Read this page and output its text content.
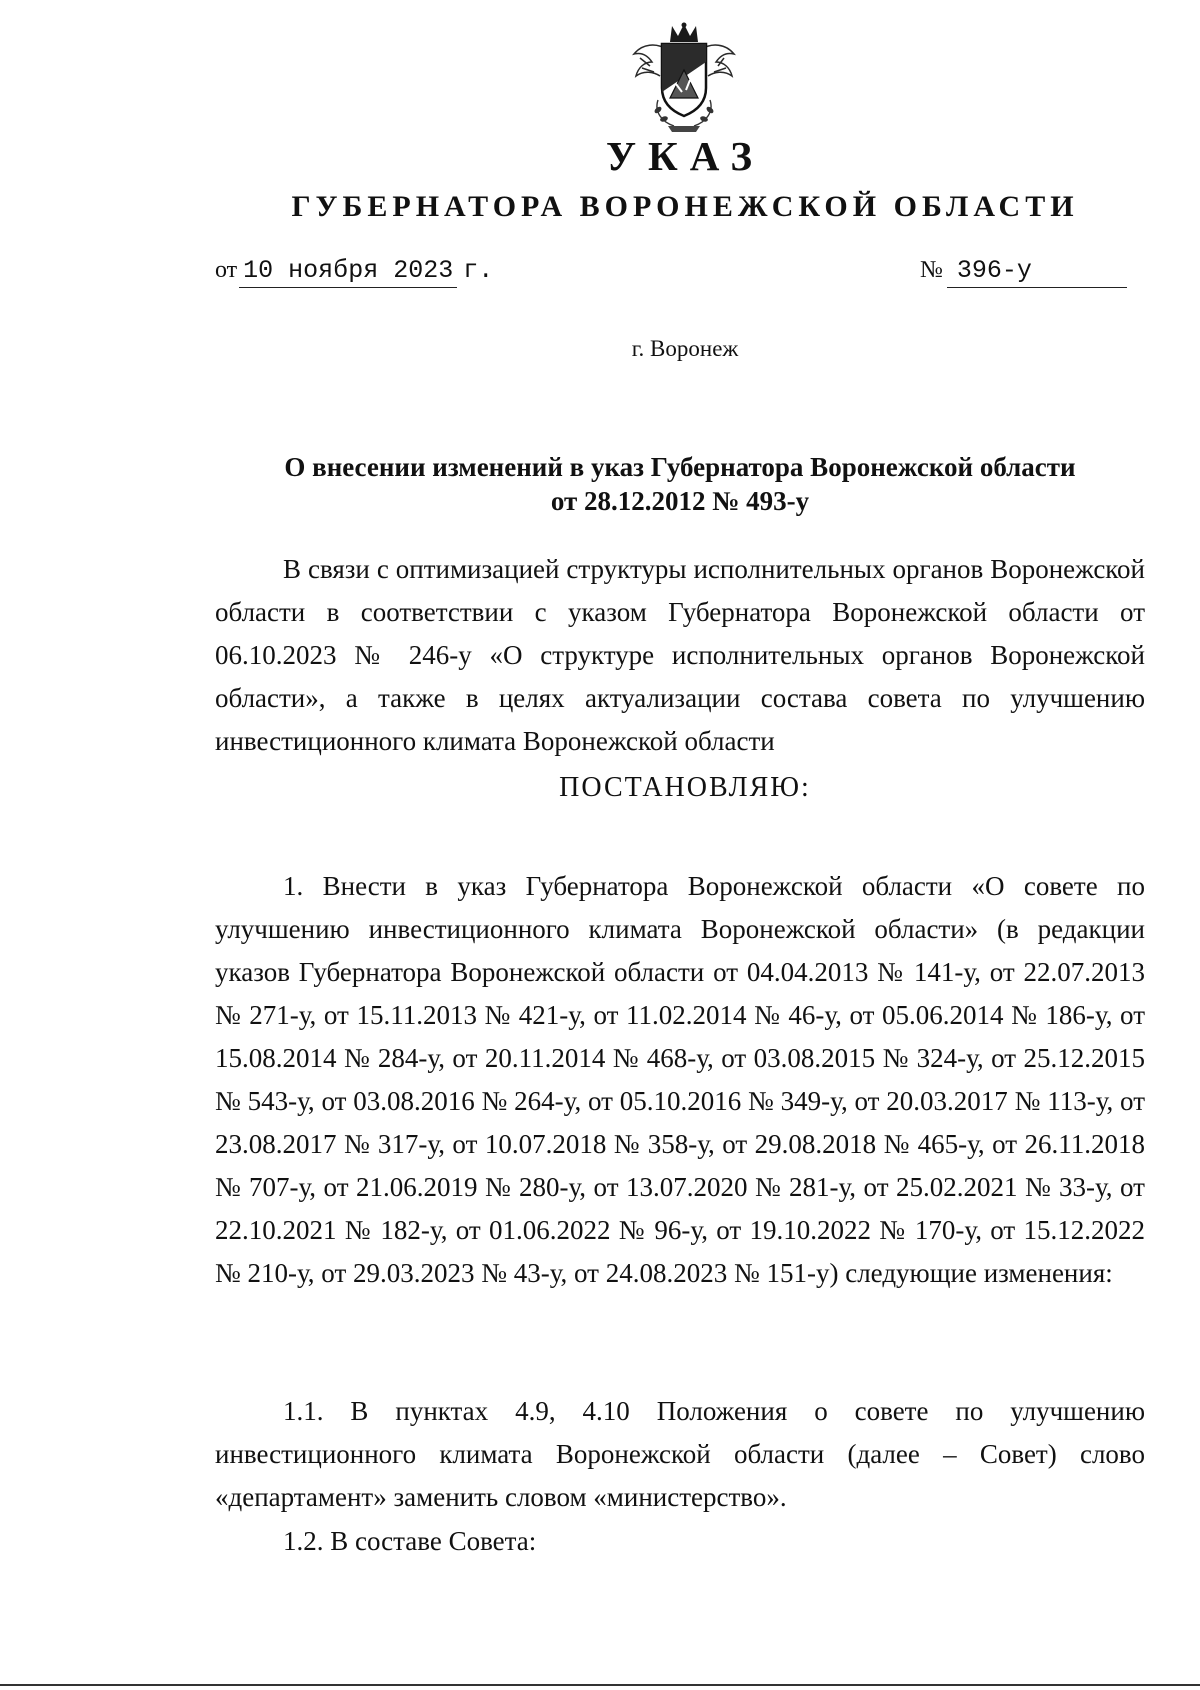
УКАЗ
ГУБЕРНАТОРА ВОРОНЕЖСКОЙ ОБЛАСТИ
от 10 ноября 2023 г.	№ 396-у
г. Воронеж
О внесении изменений в указ Губернатора Воронежской области
от 28.12.2012 № 493-у

В связи с оптимизацией структуры исполнительных органов Воронежской области в соответствии с указом Губернатора Воронежской области от 06.10.2023 № 246-у «О структуре исполнительных органов Воронежской области», а также в целях актуализации состава совета по улучшению инвестиционного климата Воронежской области

ПОСТАНОВЛЯЮ:

1. Внести в указ Губернатора Воронежской области «О совете по улучшению инвестиционного климата Воронежской области» (в редакции указов Губернатора Воронежской области от 04.04.2013 № 141-у, от 22.07.2013 № 271-у, от 15.11.2013 № 421-у, от 11.02.2014 № 46-у, от 05.06.2014 № 186-у, от 15.08.2014 № 284-у, от 20.11.2014 № 468-у, от 03.08.2015 № 324-у, от 25.12.2015 № 543-у, от 03.08.2016 № 264-у, от 05.10.2016 № 349-у, от 20.03.2017 № 113-у, от 23.08.2017 № 317-у, от 10.07.2018 № 358-у, от 29.08.2018 № 465-у, от 26.11.2018 № 707-у, от 21.06.2019 № 280-у, от 13.07.2020 № 281-у, от 25.02.2021 № 33-у, от 22.10.2021 № 182-у, от 01.06.2022 № 96-у, от 19.10.2022 № 170-у, от 15.12.2022 № 210-у, от 29.03.2023 № 43-у, от 24.08.2023 № 151-у) следующие изменения:

1.1. В пунктах 4.9, 4.10 Положения о совете по улучшению инвестиционного климата Воронежской области (далее – Совет) слово «департамент» заменить словом «министерство».

1.2. В составе Совета:
